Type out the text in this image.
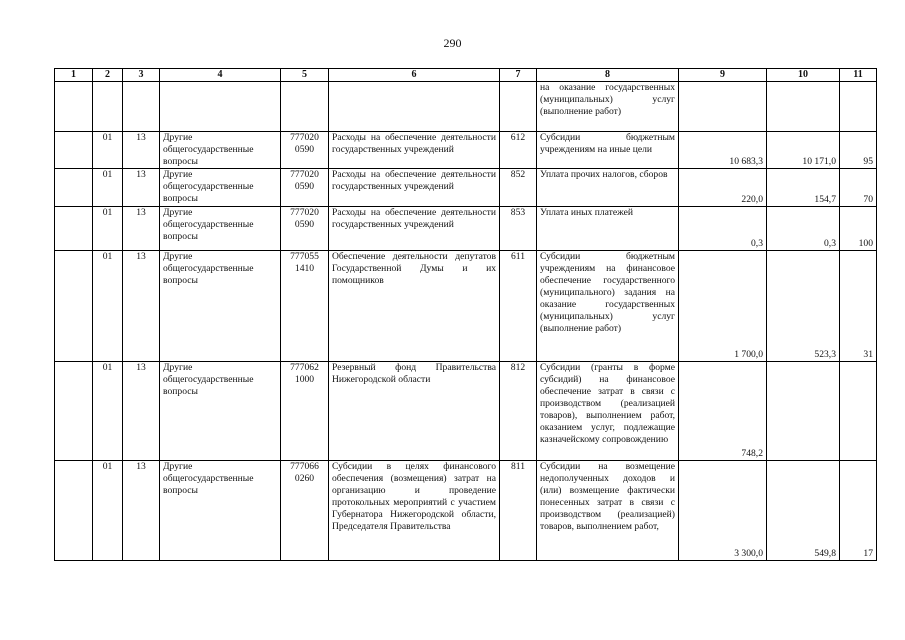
290
1	2	3	4	5	6	7	8	9	10	11
							на оказание государственных (муниципальных) услуг (выполнение работ)			
	01	13	Другие общегосударственные вопросы	777020 0590	Расходы на обеспечение деятельности государственных учреждений	612	Субсидии бюджетным учреждениям на иные цели	10 683,3	10 171,0	95
	01	13	Другие общегосударственные вопросы	777020 0590	Расходы на обеспечение деятельности государственных учреждений	852	Уплата прочих налогов, сборов	220,0	154,7	70
	01	13	Другие общегосударственные вопросы	777020 0590	Расходы на обеспечение деятельности государственных учреждений	853	Уплата иных платежей	0,3	0,3	100
	01	13	Другие общегосударственные вопросы	777055 1410	Обеспечение деятельности депутатов Государственной Думы и их помощников	611	Субсидии бюджетным учреждениям на финансовое обеспечение государственного (муниципального) задания на оказание государственных (муниципальных) услуг (выполнение работ)	1 700,0	523,3	31
	01	13	Другие общегосударственные вопросы	777062 1000	Резервный фонд Правительства Нижегородской области	812	Субсидии (гранты в форме субсидий) на финансовое обеспечение затрат в связи с производством (реализацией товаров), выполнением работ, оказанием услуг, подлежащие казначейскому сопровождению	748,2		
	01	13	Другие общегосударственные вопросы	777066 0260	Субсидии в целях финансового обеспечения (возмещения) затрат на организацию и проведение протокольных мероприятий с участием Губернатора Нижегородской области, Председателя Правительства	811	Субсидии на возмещение недополученных доходов и (или) возмещение фактически понесенных затрат в связи с производством (реализацией) товаров, выполнением работ,	3 300,0	549,8	17
